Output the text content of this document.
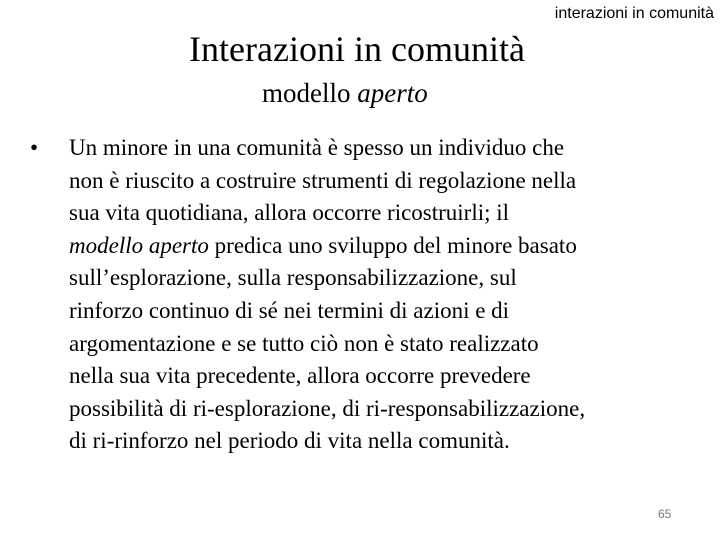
interazioni in comunità
Interazioni in comunità
modello aperto
•	Un minore in una comunità è spesso un individuo che
non è riuscito a costruire strumenti di regolazione nella
sua vita quotidiana, allora occorre ricostruirli; il
modello aperto predica uno sviluppo del minore basato
sull’esplorazione, sulla responsabilizzazione, sul
rinforzo continuo di sé nei termini di azioni e di
argomentazione e se tutto ciò non è stato realizzato
nella sua vita precedente, allora occorre prevedere
possibilità di ri-esplorazione, di ri-responsabilizzazione,
di ri-rinforzo nel periodo di vita nella comunità.
65
